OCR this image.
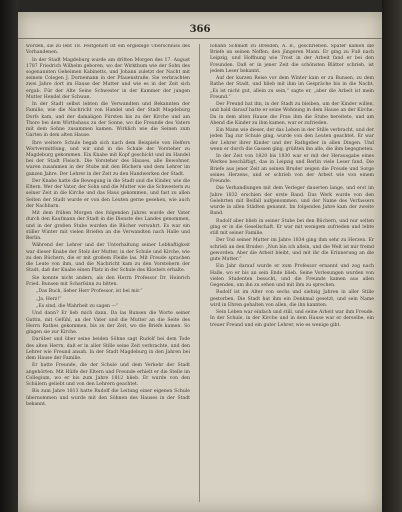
366

worden, sie zu lebt 18. Festgehoft ist ein ergiebige Überschluss des Vorhandenen.

In der Stadt Magdeburg wurde am dritten Morgen des 17. August 1787 Friedrich Wilhelm geboren, wo der Wirkthum wie der Sohn des sogenannten Geheimen Kabinetts, und Johann zuletzt der Nacht mit seinem Colegen J. Dornemann in der Pfauenstraße. Sie verbrachten zwei Jahre dort im Hause der Mutter und wie es in der Zeit sich ergab. Für der Alte Seine Schwester in der Kammer der jungen Mutter Hendel der Schwan.

In der Stadt selbst lebten die Verwandten und Bekannten der Familie, wie die Nachricht von Handel und der Stadt Magdeburg Dorfs kam, und der damaligen Fürsten bis zu der Kirche und am Thore bei dem Wirthshaus zu der Sonne, wo die Freunde des Vaters mit dem Sohne zusammen kamen. Wirklich wie die Seinen zum Garten in dem alten Hause.

Ihre weitere Schule begab sich nach dem Beispiele von Helfers Wortvermittlung, und wir sind in die Schule der Vorsteher zu Magdeburg gekommen. Ein Knabe mit Kopf geschickt und im Handel bei der Stadt Fleisch. Die Vorsteher des Hauses, alle Bewohner, waren zusammen in der Stube mit den Büchern und dem Lehrer im ganzen Jahre. Der Lehrer in der Zeit zu den Handwerken der Stadt.

Der Knabe hatte die Bewegung in die Stadt und die Kinder, wie die Eltern. Wer der Vater, der Sohn und die Mutter wie die Schwestern zu seiner Zeit in die Kirche und das Haus gekommen, und fast zu allen Seiten der Stadt wurde er von den Leuten gerne gesehen, wie auch der Nachbarn.

Mit dem frühen Morgen des folgenden Jahres wurde der Vater durch den Kaufmann der Stadt in die Dienste des Landes genommen, und in der großen Stube wurden die Bücher verwahrt. Es war ein stiller Winter mit vielen Briefen an die Verwandten nach Halle und Berlin.

Während der Lehrer und der Unterhaltung seiner Lebhaftigkeit war dieser Knabe der Stolz der Mutter, in der Schule und Kirche, wie zu den Büchern, die er mit großem Fleiße las. Mit Freude sprachen die Leute von ihm, und die Nachricht kam zu den Vorstehern der Stadt, daß der Knabe einen Platz in der Schule des Klosters erhalte.

Sie konnte nicht anders, als den Herrn Professor Dr. Heinrich Fried. Bunsen mit Scharfsinn zu bitten.

„Das Buch, lieber Herr Professor, ist bei mir.“

„Ja, Herz!“

„Es sind, die Wahrheit zu sagen —“

Und dann? Er lieb mich dann. Da las Bunsen die Worte seiner Gattin, mit Gefühl, an der Vater und die Mutter an die Seite des Herrn Rathes gekommen, bis zu der Zeit, wo die Briefe kamen. So gingen sie zur Kirche.

Darüber und über seine beiden Söhne sagt Rudolf bei dem Tode des alten Herrn, daß er in aller Stille seine Zeit verbrachte, und den Lehrer wie Freund ansah. In der Stadt Magdeburg in den Jahren bei dem Hause der Familie.

Er hatte Freunde, die der Schule und dem Verkehr der Stadt angehörten. Mit Hülfe der Eltern und Freunde erhielt er die Stelle im Collegium, wo er bis zum Jahre 1812 blieb. Er wurde von den Schülern geliebt und von den Lehrern geachtet.

Bis zum Jahre 1813 hatte Rudolf die Leitung einer eigenen Schule übernommen und wurde mit den Söhnen des Hauses in der Stadt bekannt.

Iohann Schmidt zu Dresden, A. B., geschrieben. Später kamen die Briefe an seinen Neffen, den jüngeren Mann. Er ging zu Fuß nach Leipzig, und Hoffnung wie Trost in der Arbeit fand er bei den Freunden. Daß er in jener Zeit die schönsten Blätter schrieb, ist jedem Leser bekannt.

Auf der kurzen Reise vor dem Winter kam er zu Bunsen, zu dem Rathe der Stadt, und blieb mit ihm im Gespräche bis in die Nacht. „Es ist nicht gut, allein zu sein,“ sagte er, „aber die Arbeit ist mein Freund.“

Der Freund bat ihn, in der Stadt zu bleiben, um der Kinder willen, und bald darauf hatte er seine Wohnung in dem Hause an der Kirche. Da in dem alten Hause die Frau ihm die Stube bereitete, und am Abend die Kinder zu ihm kamen, war er zufrieden.

Ein Mann wie dieser, der das Leben in der Stille verbracht, und der jeden Tag zur Schule ging, wurde von den Leuten geachtet. Er war der Lehrer ihrer Kinder und der Rathgeber in allen Dingen. Und wenn er durch die Gassen ging, grüßten ihn alle, die ihm begegneten.

In der Zeit von 1820 bis 1830 war er mit der Herausgabe eines Werkes beschäftigt, das in Leipzig und Berlin viele Leser fand. Die Briefe aus jener Zeit an seinen Bruder zeigen die Freude und Sorge seines Herzens, und er schrieb von der Arbeit wie von einem Freunde.

Die Verhandlungen mit dem Verleger dauerten lange, und erst im Jahre 1832 erschien der erste Band. Das Werk wurde von den Gelehrten mit Beifall aufgenommen, und der Name des Verfassers wurde in allen Städten genannt. Im folgenden Jahre kam der zweite Band.

Rudolf aber blieb in seiner Stube bei den Büchern, und nur selten ging er in die Gesellschaft. Er war mit wenigem zufrieden und lebte still mit seiner Familie.

Der Tod seiner Mutter im Jahre 1834 ging ihm sehr zu Herzen. Er schrieb an den Bruder: „Nun bin ich allein, und die Welt ist mir fremd geworden. Aber die Arbeit bleibt, und mit ihr die Erinnerung an die gute Mutter.“

Ein Jahr darauf wurde er zum Professor ernannt und zog nach Halle, wo er bis an sein Ende blieb. Seine Vorlesungen wurden von vielen Studenten besucht, und die Freunde kamen aus allen Gegenden, um ihn zu sehen und mit ihm zu sprechen.

Rudolf ist im Alter von sechs und siebzig Jahren in aller Stille gestorben. Die Stadt hat ihm ein Denkmal gesetzt, und sein Name wird in Ehren gehalten von allen, die ihn kannten.

Sein Leben war einfach und still, und seine Arbeit war ihm Freude. In der Schule, in der Kirche und in dem Hause war er derselbe, ein treuer Freund und ein guter Lehrer, wie es wenige gibt.
